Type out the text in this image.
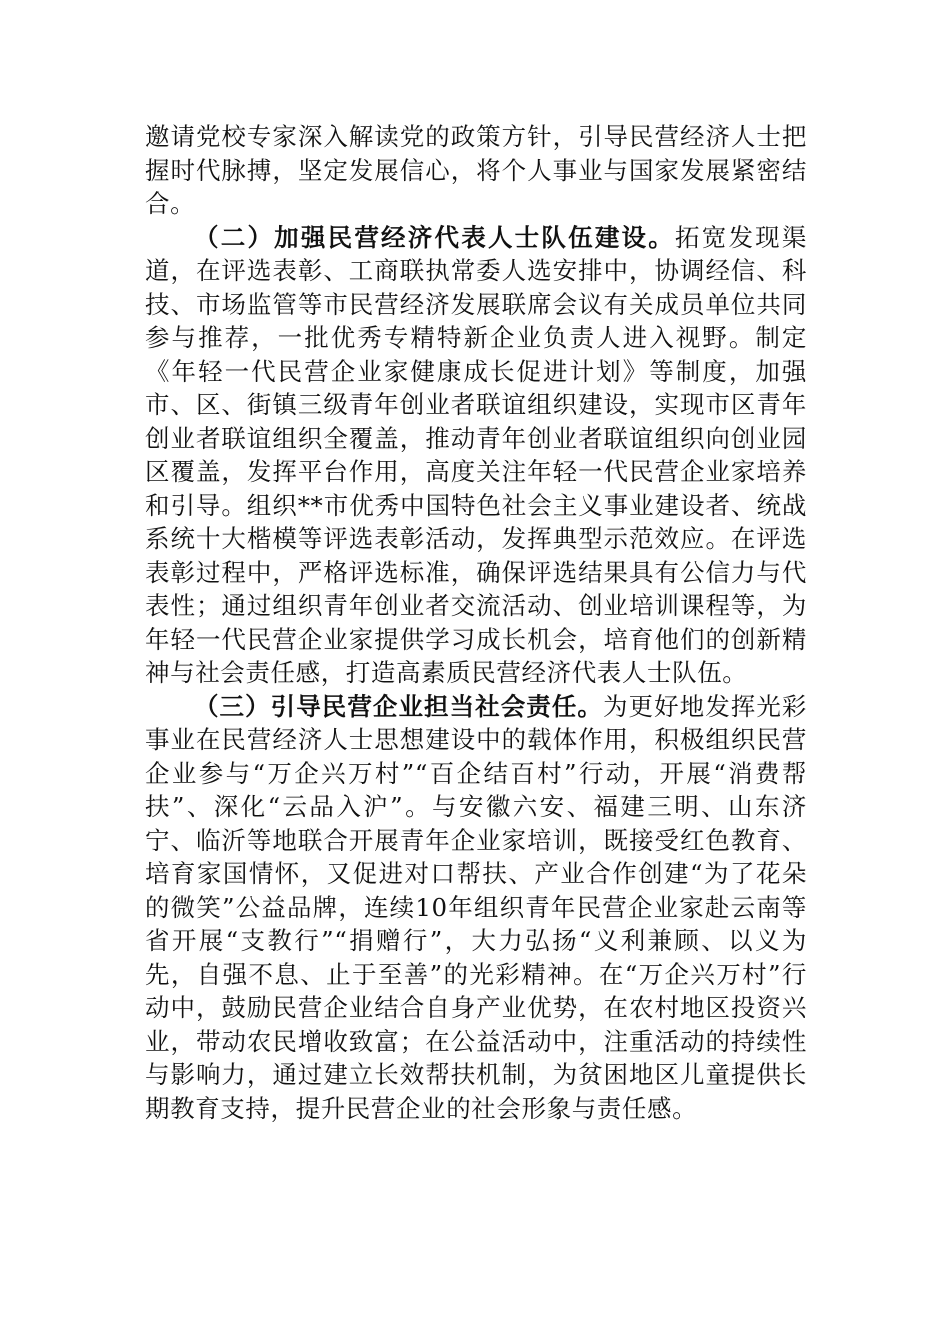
邀请党校专家深入解读党的政策方针，引导民营经济人士把握时代脉搏，坚定发展信心，将个人事业与国家发展紧密结合。

（二）加强民营经济代表人士队伍建设。拓宽发现渠道，在评选表彰、工商联执常委人选安排中，协调经信、科技、市场监管等市民营经济发展联席会议有关成员单位共同参与推荐，一批优秀专精特新企业负责人进入视野。制定《年轻一代民营企业家健康成长促进计划》等制度，加强市、区、街镇三级青年创业者联谊组织建设，实现市区青年创业者联谊组织全覆盖，推动青年创业者联谊组织向创业园区覆盖，发挥平台作用，高度关注年轻一代民营企业家培养和引导。组织**市优秀中国特色社会主义事业建设者、统战系统十大楷模等评选表彰活动，发挥典型示范效应。在评选表彰过程中，严格评选标准，确保评选结果具有公信力与代表性；通过组织青年创业者交流活动、创业培训课程等，为年轻一代民营企业家提供学习成长机会，培育他们的创新精神与社会责任感，打造高素质民营经济代表人士队伍。

（三）引导民营企业担当社会责任。为更好地发挥光彩事业在民营经济人士思想建设中的载体作用，积极组织民营企业参与“万企兴万村”“百企结百村”行动，开展“消费帮扶”、深化“云品入沪”。与安徽六安、福建三明、山东济宁、临沂等地联合开展青年企业家培训，既接受红色教育、培育家国情怀，又促进对口帮扶、产业合作创建“为了花朵的微笑”公益品牌，连续10年组织青年民营企业家赴云南等省开展“支教行”“捐赠行”，大力弘扬“义利兼顾、以义为先，自强不息、止于至善”的光彩精神。在“万企兴万村”行动中，鼓励民营企业结合自身产业优势，在农村地区投资兴业，带动农民增收致富；在公益活动中，注重活动的持续性与影响力，通过建立长效帮扶机制，为贫困地区儿童提供长期教育支持，提升民营企业的社会形象与责任感。
